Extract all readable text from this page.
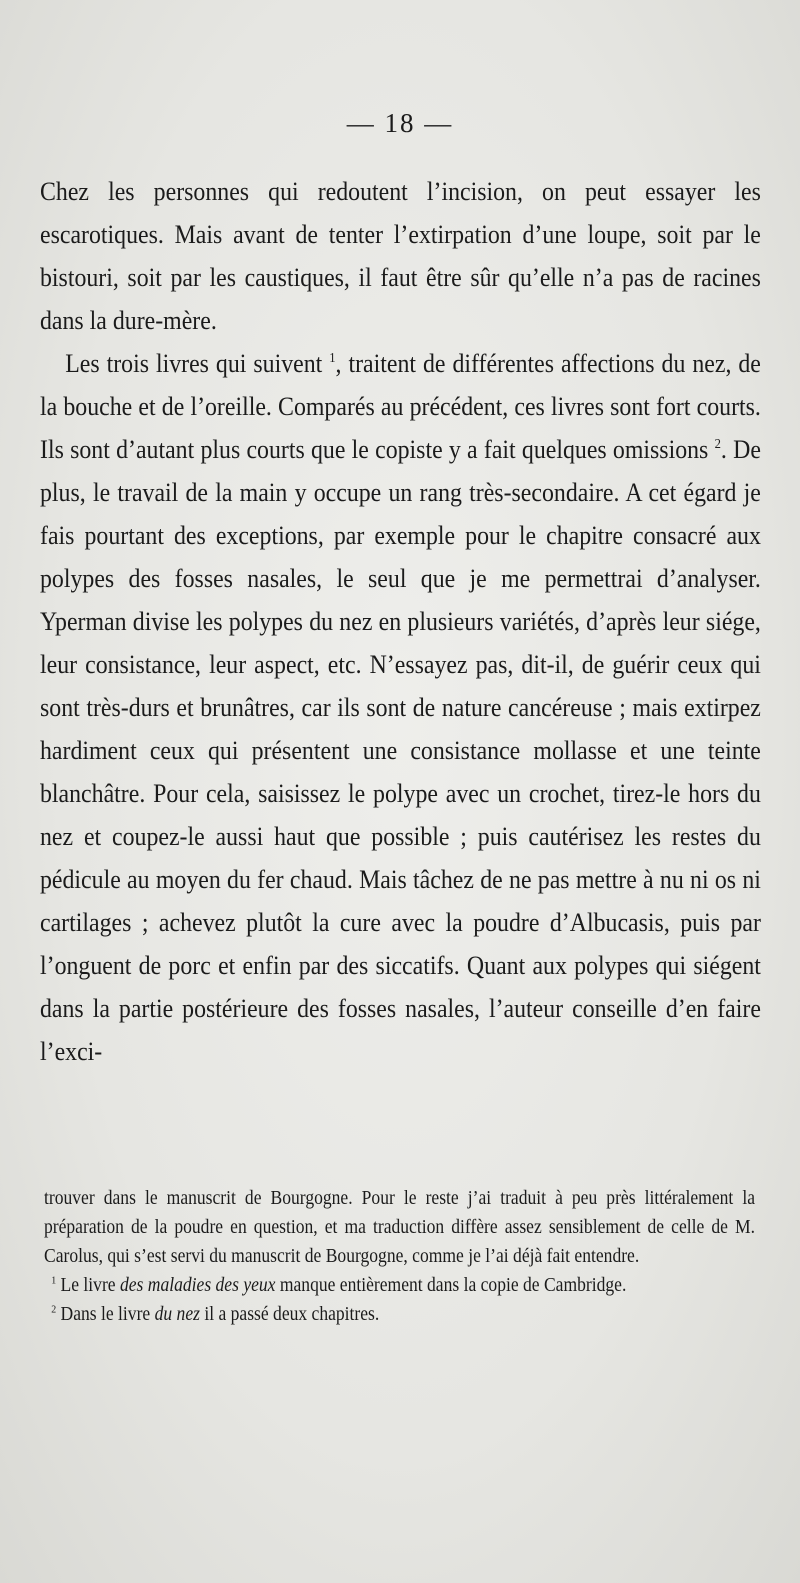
— 18 —

Chez les personnes qui redoutent l’incision, on peut essayer les escarotiques. Mais avant de tenter l’extirpation d’une loupe, soit par le bistouri, soit par les caustiques, il faut être sûr qu’elle n’a pas de racines dans la dure-mère.

Les trois livres qui suivent $^1$, traitent de différentes affections du nez, de la bouche et de l’oreille. Comparés au précédent, ces livres sont fort courts. Ils sont d’autant plus courts que le copiste y a fait quelques omissions $^2$. De plus, le travail de la main y occupe un rang très-secondaire. A cet égard je fais pourtant des exceptions, par exemple pour le chapitre consacré aux polypes des fosses nasales, le seul que je me permettrai d’analyser. Yperman divise les polypes du nez en plusieurs variétés, d’après leur siége, leur consistance, leur aspect, etc. N’essayez pas, dit-il, de guérir ceux qui sont très-durs et brunâtres, car ils sont de nature cancéreuse ; mais extirpez hardiment ceux qui présentent une consistance mollasse et une teinte blanchâtre. Pour cela, saisissez le polype avec un crochet, tirez-le hors du nez et coupez-le aussi haut que possible ; puis cautérisez les restes du pédicule au moyen du fer chaud. Mais tâchez de ne pas mettre à nu ni os ni cartilages ; achevez plutôt la cure avec la poudre d’Albucasis, puis par l’onguent de porc et enfin par des siccatifs. Quant aux polypes qui siégent dans la partie postérieure des fosses nasales, l’auteur conseille d’en faire l’exci-

trouver dans le manuscrit de Bourgogne. Pour le reste j’ai traduit à peu près littéralement la préparation de la poudre en question, et ma traduction diffère assez sensiblement de celle de M. Carolus, qui s’est servi du manuscrit de Bourgogne, comme je l’ai déjà fait entendre.

$^1$ Le livre des maladies des yeux manque entièrement dans la copie de Cambridge.

$^2$ Dans le livre du nez il a passé deux chapitres.
